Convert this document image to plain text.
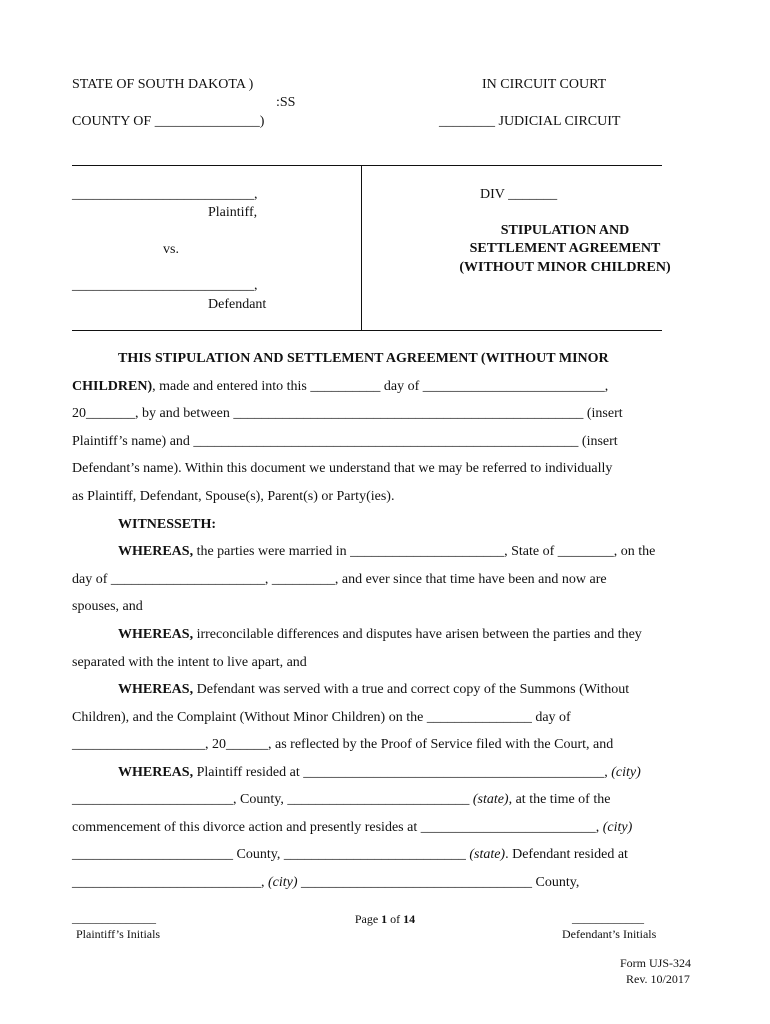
STATE OF SOUTH DAKOTA )
:SS
COUNTY OF _______________)
IN CIRCUIT COURT
________ JUDICIAL CIRCUIT
__________________________,
Plaintiff,
vs.
__________________________,
Defendant
DIV _______
STIPULATION AND
SETTLEMENT AGREEMENT
(WITHOUT MINOR CHILDREN)
THIS STIPULATION AND SETTLEMENT AGREEMENT (WITHOUT MINOR
CHILDREN), made and entered into this __________ day of __________________________,
20_______, by and between __________________________________________________ (insert
Plaintiff’s name) and _______________________________________________________ (insert
Defendant’s name). Within this document we understand that we may be referred to individually
as Plaintiff, Defendant, Spouse(s), Parent(s) or Party(ies).
WITNESSETH:
WHEREAS, the parties were married in ______________________, State of ________, on the
day of ______________________, _________, and ever since that time have been and now are
spouses, and
WHEREAS, irreconcilable differences and disputes have arisen between the parties and they
separated with the intent to live apart, and
WHEREAS, Defendant was served with a true and correct copy of the Summons (Without
Children), and the Complaint (Without Minor Children) on the _______________ day of
___________________, 20______, as reflected by the Proof of Service filed with the Court, and
WHEREAS, Plaintiff resided at ___________________________________________, (city)
_______________________, County, __________________________ (state), at the time of the
commencement of this divorce action and presently resides at _________________________, (city)
_______________________ County, __________________________ (state). Defendant resided at
___________________________, (city) _________________________________ County,
______________
Plaintiff’s Initials
Page 1 of 14	____________
Defendant’s Initials
Form UJS-324
Rev. 10/2017
